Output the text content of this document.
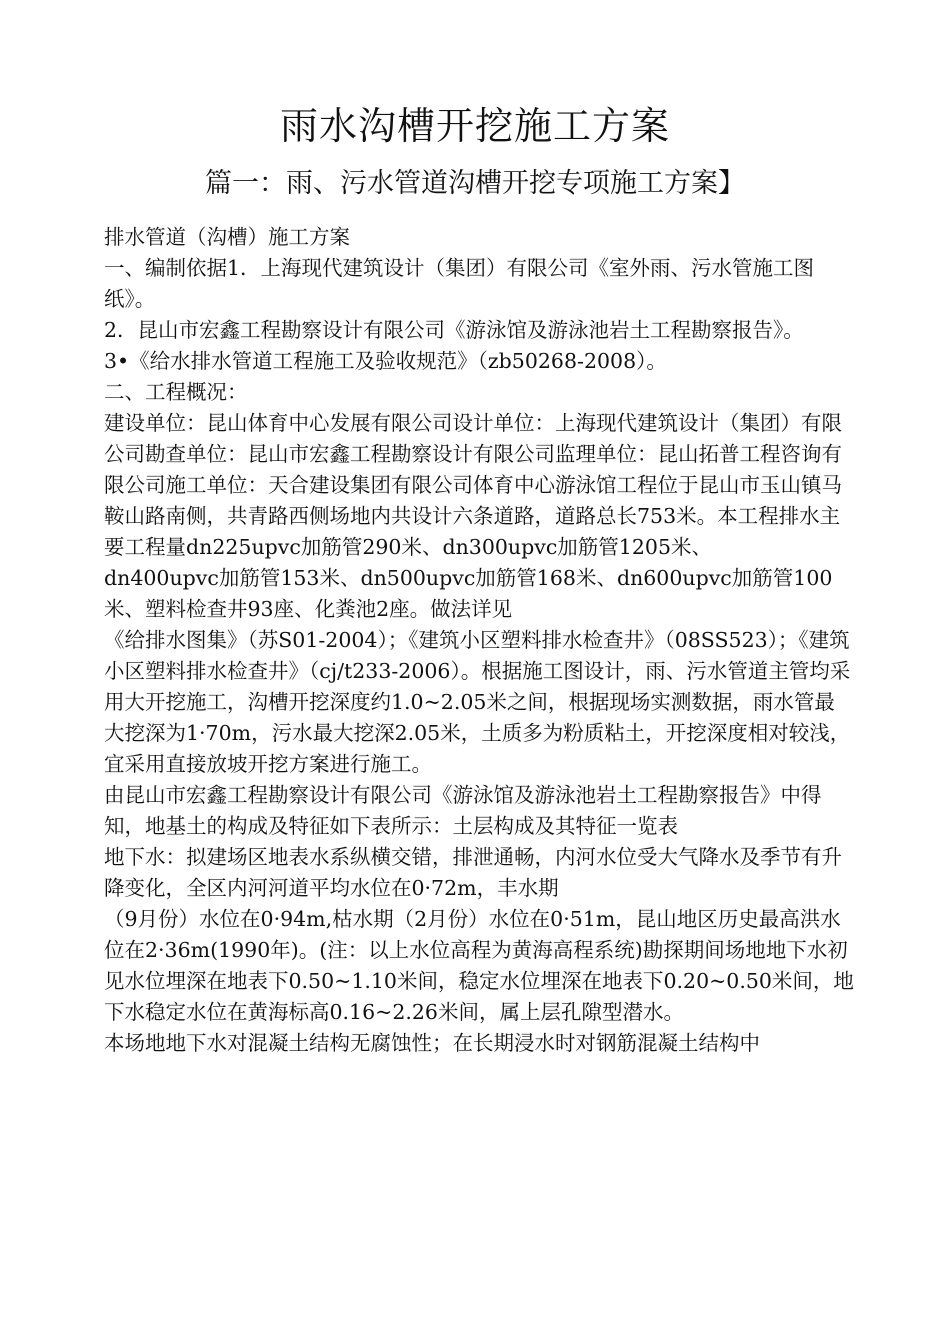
雨水沟槽开挖施工方案
篇一：雨、污水管道沟槽开挖专项施工方案】

排水管道（沟槽）施工方案

一、编制依据1．上海现代建筑设计（集团）有限公司《室外雨、污水管施工图纸》。

2．昆山市宏鑫工程勘察设计有限公司《游泳馆及游泳池岩土工程勘察报告》。

3•《给水排水管道工程施工及验收规范》（zb50268-2008）。

二、工程概况：

建设单位：昆山体育中心发展有限公司设计单位：上海现代建筑设计（集团）有限公司勘查单位：昆山市宏鑫工程勘察设计有限公司监理单位：昆山拓普工程咨询有限公司施工单位：天合建设集团有限公司体育中心游泳馆工程位于昆山市玉山镇马鞍山路南侧，共青路西侧场地内共设计六条道路，道路总长753米。本工程排水主要工程量dn225upvc加筋管290米、dn300upvc加筋管1205米、

dn400upvc加筋管153米、dn500upvc加筋管168米、dn600upvc加筋管100米、塑料检查井93座、化粪池2座。做法详见

《给排水图集》（苏S01-2004）；《建筑小区塑料排水检查井》（08SS523）；《建筑小区塑料排水检查井》（cj/t233-2006）。根据施工图设计，雨、污水管道主管均采用大开挖施工，沟槽开挖深度约1.0~2.05米之间，根据现场实测数据，雨水管最大挖深为1·70m，污水最大挖深2.05米，土质多为粉质粘土，开挖深度相对较浅，宜采用直接放坡开挖方案进行施工。

由昆山市宏鑫工程勘察设计有限公司《游泳馆及游泳池岩土工程勘察报告》中得知，地基土的构成及特征如下表所示：土层构成及其特征一览表

地下水：拟建场区地表水系纵横交错，排泄通畅，内河水位受大气降水及季节有升降变化，全区内河河道平均水位在0·72m，丰水期

（9月份）水位在0·94m,枯水期（2月份）水位在0·51m，昆山地区历史最高洪水位在2·36m(1990年)。(注：以上水位高程为黄海高程系统)勘探期间场地地下水初见水位埋深在地表下0.50~1.10米间，稳定水位埋深在地表下0.20~0.50米间，地下水稳定水位在黄海标高0.16~2.26米间，属上层孔隙型潜水。

本场地地下水对混凝土结构无腐蚀性；在长期浸水时对钢筋混凝土结构中
